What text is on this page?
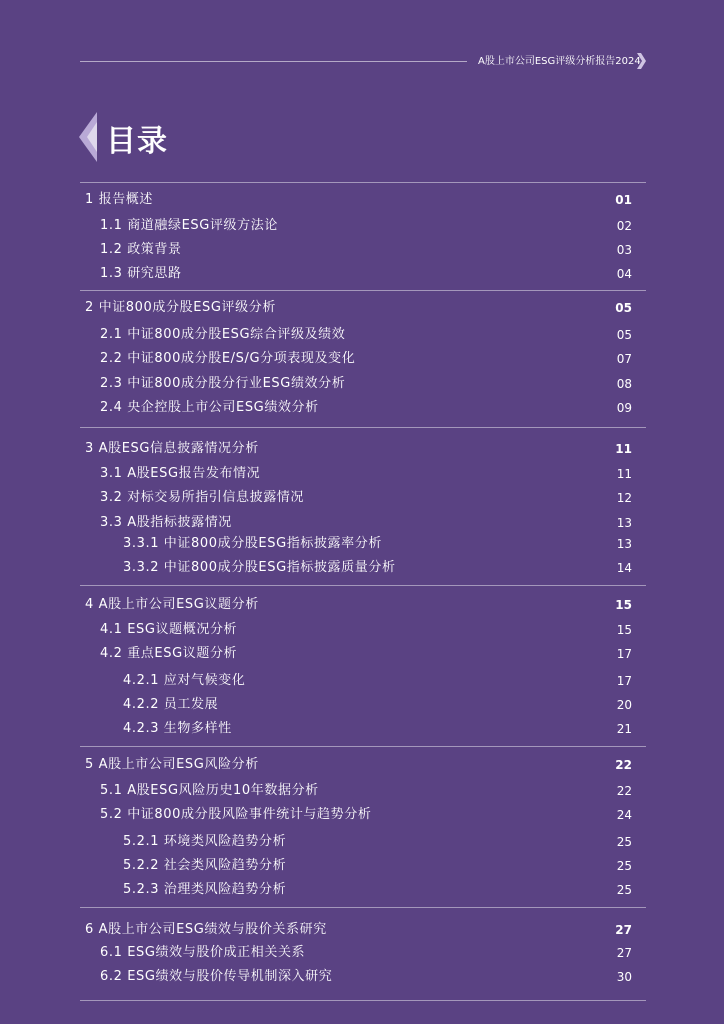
A股上市公司ESG评级分析报告2024
目录
1 报告概述	01
1.1 商道融绿ESG评级方法论	02
1.2 政策背景	03
1.3 研究思路	04
2 中证800成分股ESG评级分析	05
2.1 中证800成分股ESG综合评级及绩效	05
2.2 中证800成分股E/S/G分项表现及变化	07
2.3 中证800成分股分行业ESG绩效分析	08
2.4 央企控股上市公司ESG绩效分析	09
3 A股ESG信息披露情况分析	11
3.1 A股ESG报告发布情况	11
3.2 对标交易所指引信息披露情况	12
3.3 A股指标披露情况	13
3.3.1 中证800成分股ESG指标披露率分析	13
3.3.2 中证800成分股ESG指标披露质量分析	14
4 A股上市公司ESG议题分析	15
4.1 ESG议题概况分析	15
4.2 重点ESG议题分析	17
4.2.1 应对气候变化	17
4.2.2 员工发展	20
4.2.3 生物多样性	21
5 A股上市公司ESG风险分析	22
5.1 A股ESG风险历史10年数据分析	22
5.2 中证800成分股风险事件统计与趋势分析	24
5.2.1 环境类风险趋势分析	25
5.2.2 社会类风险趋势分析	25
5.2.3 治理类风险趋势分析	25
6 A股上市公司ESG绩效与股价关系研究	27
6.1 ESG绩效与股价成正相关关系	27
6.2 ESG绩效与股价传导机制深入研究	30
